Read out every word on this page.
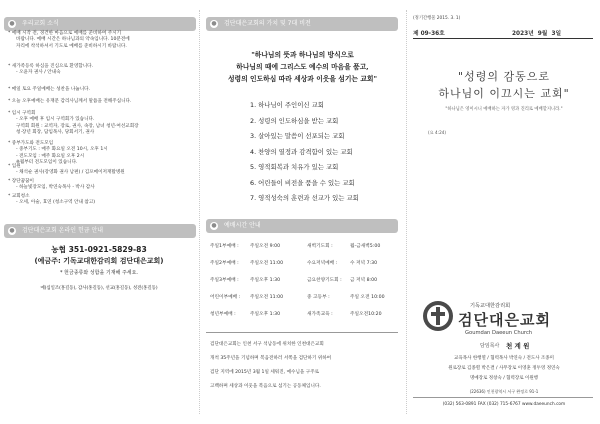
● 우리교회 소식
* 예배 시작 전, 경건한 마음으로 예배를 준비하여 주시기
바랍니다. 예배 시간은 하나님과의 약속입니다. 10분전에
자리에 착석하셔서 기도로 예배를 준비하시기 바랍니다.
* 새가족등록 하심을 진심으로 환영합니다.
- 오윤자 권사 / 안내숙
* 매일 토요 주일예배는 성찬을 나눕니다.
* 오늘 오후예배는 유재문 감리사님께서 말씀을 전해주십니다.
* 임시 구역회
- 오후 예배 후 임시 구역회가 있습니다.
구역회 회원 : 교역자, 장로, 권사, 속장, 남녀 청년·여선교회장
청·장년 회장, 담임목사, 당회서기, 권사
* 중부가도와 전도모임
- 중부기도 : 매주 화요일 오전 10시, 오후 1시
- 전도모임 : 매주 화요일 오후 2시
※월부터 전도모임이 있습니다.
* 입원
- 채석순 권사(강영화 권사 남편) / 김포메이저재활병원
* 장단꿈꿈이
- 하늘빛장모임, 박연숙목사 - 박사 감사
* 교회청소
- 오세, 아술, 효연 (청소구역 안내 참고)
● 검단대은교회 온라인 헌금 안내
농협 351-0921-5829-83
(예금주: 기독교대한감리회 검단대은교회)
* 헌금종류와 성함을 기재해 주세요.
예)십일조(홍길동), 감사(홍길동), 선교(홍길동), 성전(홍길동)
● 검단대은교회의 가치 및 7대 비전
"하나님의 뜻과 하나님의 방식으로
하나님의 때에 그리스도 예수의 마음을 품고,
성령의 인도하심 따라 세상과 이웃을 섬기는 교회"
1. 하나님이 주인이신 교회
2. 성령의 인도하심을 받는 교회
3. 살아있는 말씀이 선포되는 교회
4. 찬양의 열정과 감격함이 있는 교회
5. 영적회복과 치유가 있는 교회
6. 어린들이 비전을 품을 수 있는 교회
7. 영적성숙의 훈련과 선교가 있는 교회
● 예배시간 안내
주일1부예배 : 주일오전 9:00	새벽기도회 :	월-금새벽5:00
주일2부예배 : 주일오전 11:00	수요저녁예배 :	수 저녁 7:30
주일3부예배 : 주일오후 1:30	금요찬양기도회 : 금 저녁 8:00
어린이부예배 : 주일오전 11:00	중 고등부 :	주일 오전 10:00
청년부예배 :	주일오후 1:30	새가족교육 :	주일오전10:20
검단대은교회는 인천 서구 석남동에 위치한 인천대은교회
개척 35주년을 기념하며 복음전하러 서쪽을 검단하기 위하여
검단 지역에 2015년 3월 1일 세워진, 예수님을 구주로
고백하며 세상과 이웃을 복음으로 섬기는 공동체입니다.
(정기간행물 2015. 3. 1)
제 09-36호	2023년  9월  3일
"성령의 감동으로
하나님이 이끄시는 교회"
"하나님은 영이시니 예배하는 자가 영과 진리로 예배할지니라."
(요 4:24)
기독교대한감리회
검단대은교회
Goumdan Daeeun Church
담임목사 천 계 원
교육목사 한행열 / 협력목사 박연숙 / 전도사 조종미
원로장로 김종렬 박은결 / 사무장로 이영훈 정두영 정연숙
명예장로 정창숙 / 협력장로 이원행
(22636) 인천광역시 서구 완정로 91-1
(032) 563-0891 FAX (032) 715-6767 www.daeeunch.com
